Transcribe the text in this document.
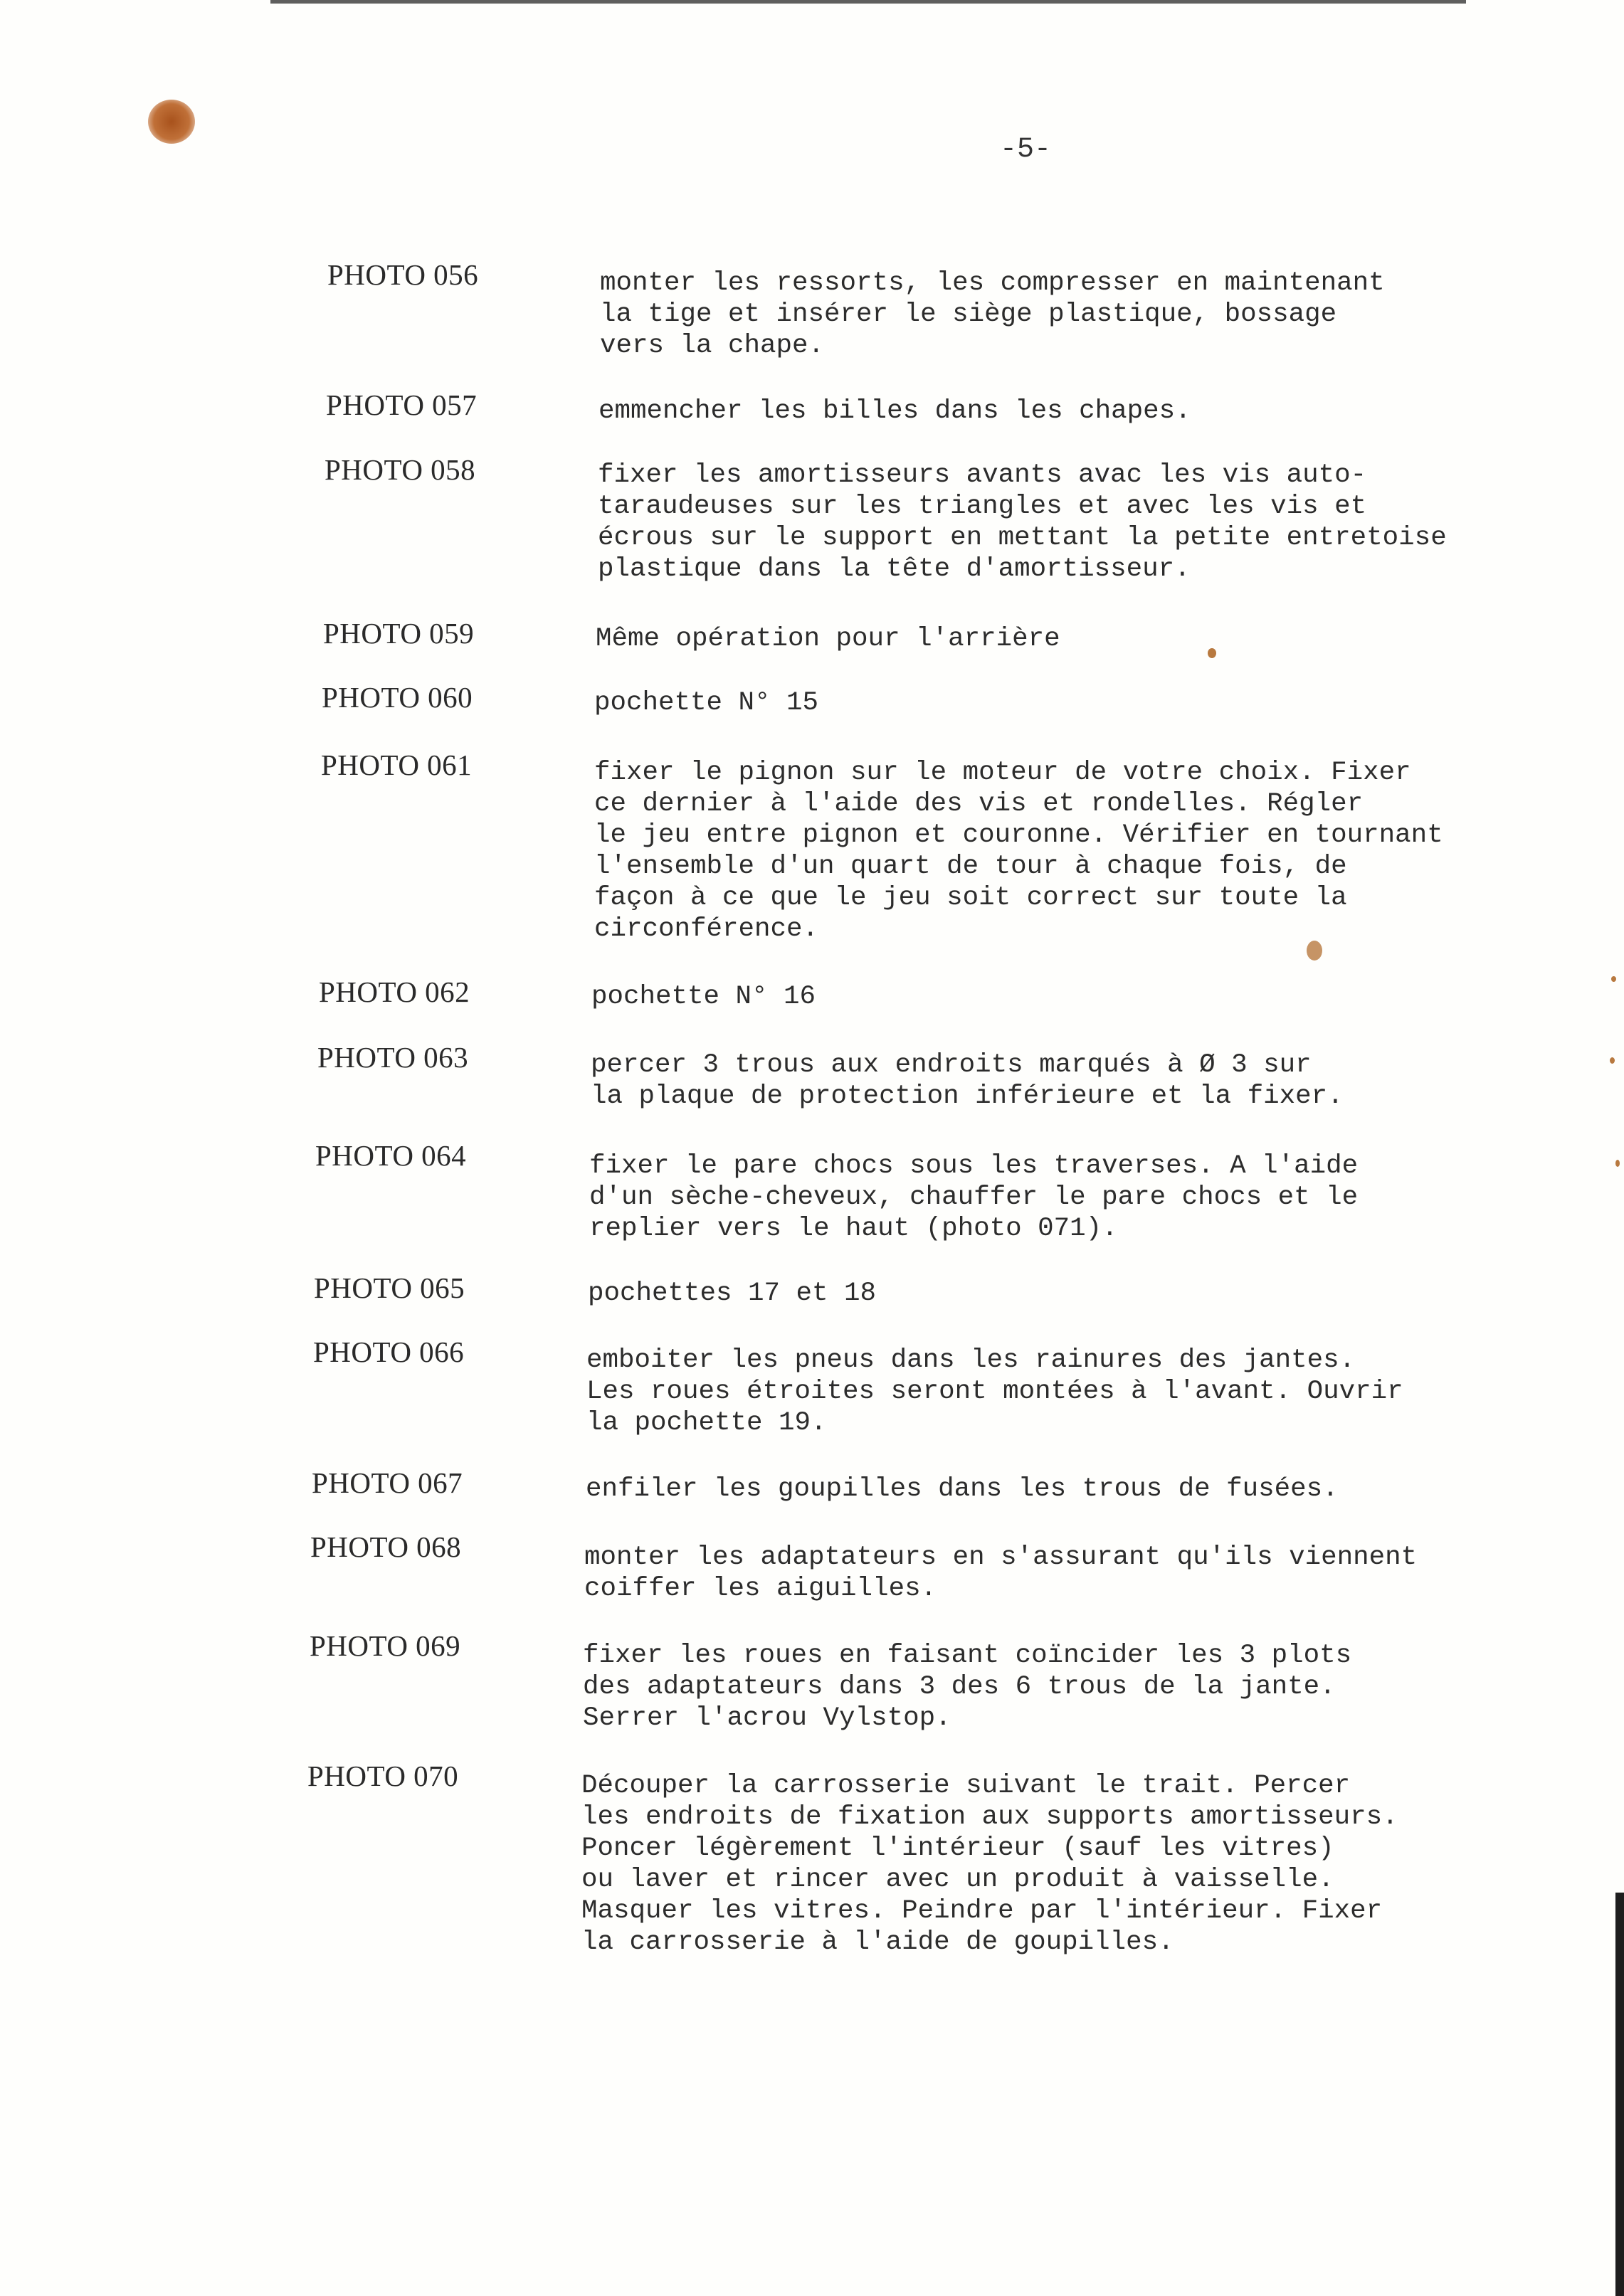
-5-
PHOTO 056	monter les ressorts, les compresser en maintenant
la tige et insérer le siège plastique, bossage
vers la chape.
PHOTO 057	emmencher les billes dans les chapes.
PHOTO 058	fixer les amortisseurs avants avac les vis auto-
taraudeuses sur les triangles et avec les vis et
écrous sur le support en mettant la petite entretoise
plastique dans la tête d'amortisseur.
PHOTO 059	Même opération pour l'arrière
PHOTO 060	pochette N° 15
PHOTO 061	fixer le pignon sur le moteur de votre choix. Fixer
ce dernier à l'aide des vis et rondelles. Régler
le jeu entre pignon et couronne. Vérifier en tournant
l'ensemble d'un quart de tour à chaque fois, de
façon à ce que le jeu soit correct sur toute la
circonférence.
PHOTO 062	pochette N° 16
PHOTO 063	percer 3 trous aux endroits marqués à Ø 3 sur
la plaque de protection inférieure et la fixer.
PHOTO 064	fixer le pare chocs sous les traverses. A l'aide
d'un sèche-cheveux, chauffer le pare chocs et le
replier vers le haut (photo 071).
PHOTO 065	pochettes 17 et 18
PHOTO 066	emboiter les pneus dans les rainures des jantes.
Les roues étroites seront montées à l'avant. Ouvrir
la pochette 19.
PHOTO 067	enfiler les goupilles dans les trous de fusées.
PHOTO 068	monter les adaptateurs en s'assurant qu'ils viennent
coiffer les aiguilles.
PHOTO 069	fixer les roues en faisant coïncider les 3 plots
des adaptateurs dans 3 des 6 trous de la jante.
Serrer l'acrou Vylstop.
PHOTO 070	Découper la carrosserie suivant le trait. Percer
les endroits de fixation aux supports amortisseurs.
Poncer légèrement l'intérieur (sauf les vitres)
ou laver et rincer avec un produit à vaisselle.
Masquer les vitres. Peindre par l'intérieur. Fixer
la carrosserie à l'aide de goupilles.
